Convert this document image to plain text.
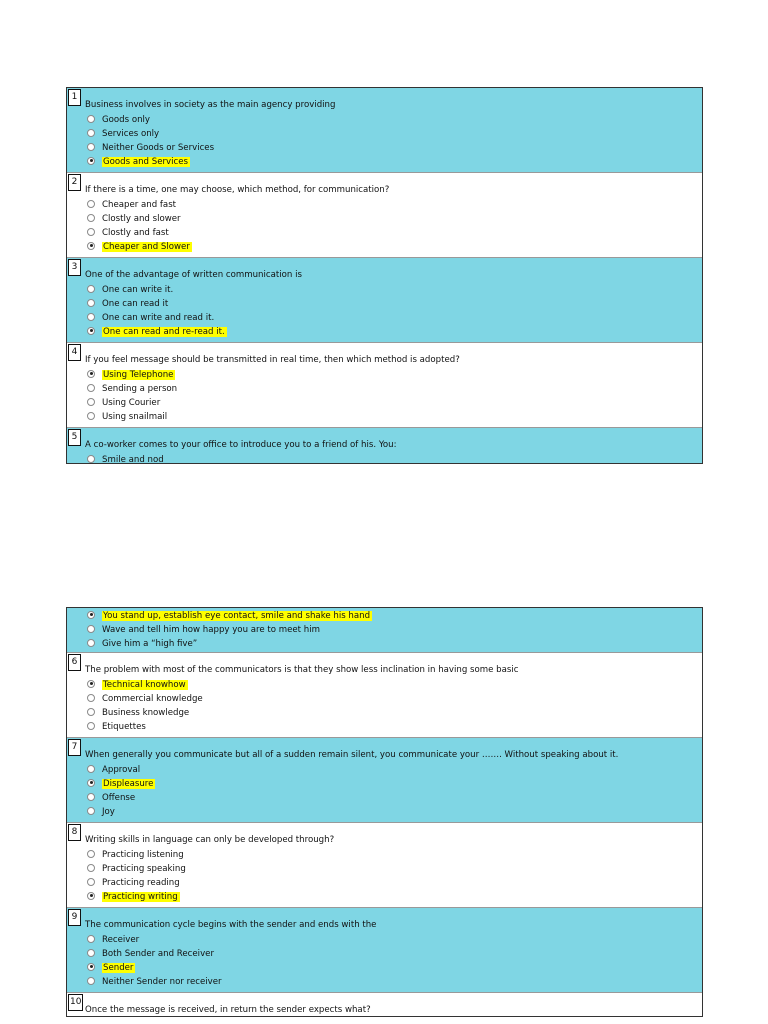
1
Business involves in society as the main agency providing
Goods only
Services only
Neither Goods or Services
Goods and Services
2
If there is a time, one may choose, which method, for communication?
Cheaper and fast
Clostly and slower
Clostly and fast
Cheaper and Slower
3
One of the advantage of written communication is
One can write it.
One can read it
One can write and read it.
One can read and re-read it.
4
If you feel message should be transmitted in real time, then which method is adopted?
Using Telephone
Sending a person
Using Courier
Using snailmail
5
A co-worker comes to your office to introduce you to a friend of his. You:
Smile and nod
You stand up, establish eye contact, smile and shake his hand
Wave and tell him how happy you are to meet him
Give him a “high five”
6
The problem with most of the communicators is that they show less inclination in having some basic
Technical knowhow
Commercial knowledge
Business knowledge
Etiquettes
7
When generally you communicate but all of a sudden remain silent, you communicate your ……. Without speaking about it.
Approval
Displeasure
Offense
Joy
8
Writing skills in language can only be developed through?
Practicing listening
Practicing speaking
Practicing reading
Practicing writing
9
The communication cycle begins with the sender and ends with the
Receiver
Both Sender and Receiver
Sender
Neither Sender nor receiver
10
Once the message is received, in return the sender expects what?
